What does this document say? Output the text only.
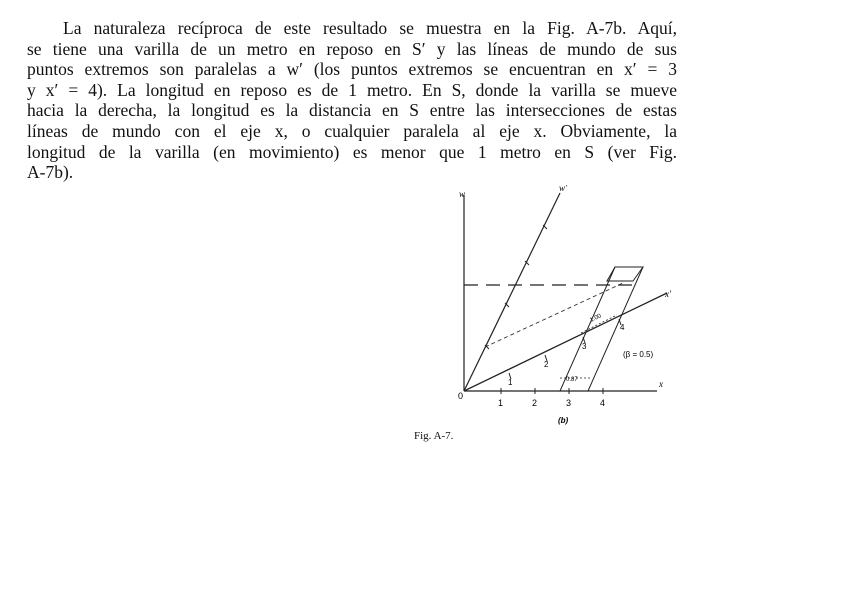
La naturaleza recíproca de este resultado se muestra en la Fig. A-7b. Aquí,
se tiene una varilla de un metro en reposo en S′ y las líneas de mundo de sus
puntos extremos son paralelas a w′ (los puntos extremos se encuentran en x′ = 3
y x′ = 4). La longitud en reposo es de 1 metro. En S, donde la varilla se mueve
hacia la derecha, la longitud es la distancia en S entre las intersecciones de estas
líneas de mundo con el eje x, o cualquier paralela al eje x. Obviamente, la
longitud de la varilla (en movimiento) es menor que 1 metro en S (ver Fig.
A-7b).
w
w′
x
x′
0
1	2	3	4
1
2
3
4
1.00
0.87
(β = 0.5)
(b)
Fig. A-7.
